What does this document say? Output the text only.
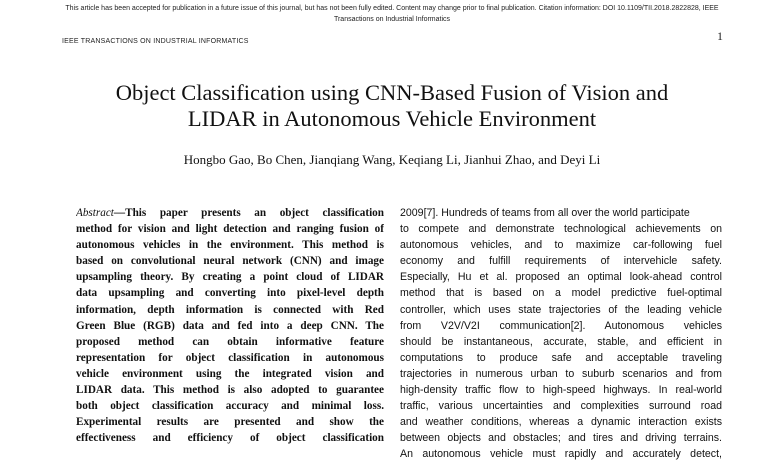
This article has been accepted for publication in a future issue of this journal, but has not been fully edited. Content may change prior to final publication. Citation information: DOI 10.1109/TII.2018.2822828, IEEE
Transactions on Industrial Informatics
IEEE TRANSACTIONS ON INDUSTRIAL INFORMATICS	1
Object Classification using CNN-Based Fusion of Vision and
LIDAR in Autonomous Vehicle Environment
Hongbo Gao, Bo Chen, Jianqiang Wang, Keqiang Li, Jianhui Zhao, and Deyi Li
Abstract—This paper presents an object classification
method for vision and light detection and ranging fusion of
autonomous vehicles in the environment. This method is
based on convolutional neural network (CNN) and image
upsampling theory. By creating a point cloud of LIDAR
data upsampling and converting into pixel-level depth
information, depth information is connected with Red
Green Blue (RGB) data and fed into a deep CNN. The
proposed method can obtain informative feature
representation for object classification in autonomous
vehicle environment using the integrated vision and
LIDAR data. This method is also adopted to guarantee
both object classification accuracy and minimal loss.
Experimental results are presented and show the
effectiveness and efficiency of object classification
2009[7]. Hundreds of teams from all over the world participate
to compete and demonstrate technological achievements on
autonomous vehicles, and to maximize car-following fuel
economy and fulfill requirements of intervehicle safety.
Especially, Hu et al. proposed an optimal look-ahead control
method that is based on a model predictive fuel-optimal
controller, which uses state trajectories of the leading vehicle
from V2V/V2I communication[2]. Autonomous vehicles
should be instantaneous, accurate, stable, and efficient in
computations to produce safe and acceptable traveling
trajectories in numerous urban to suburb scenarios and from
high-density traffic flow to high-speed highways. In real-world
traffic, various uncertainties and complexities surround road
and weather conditions, whereas a dynamic interaction exists
between objects and obstacles; and tires and driving terrains.
An autonomous vehicle must rapidly and accurately detect,
